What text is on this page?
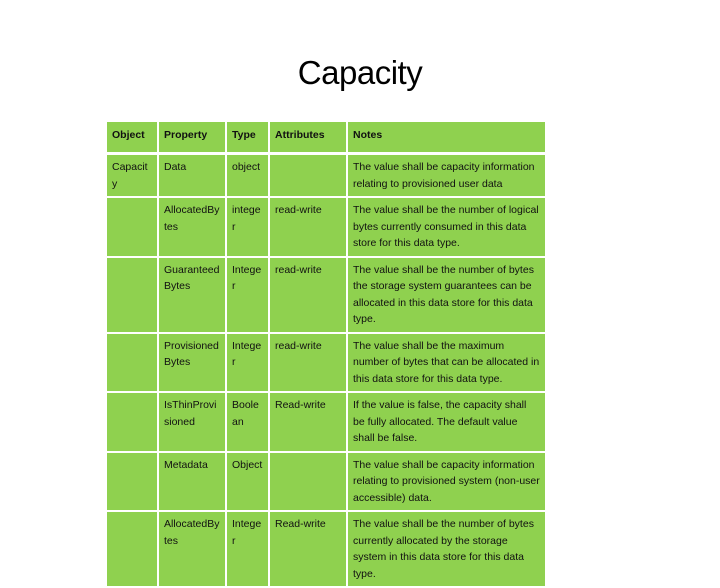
Capacity
Object	Property	Type	Attributes	Notes
Capacity	Data	object		The value shall be capacity information relating to provisioned user data
	AllocatedBytes	integer	read-write	The value shall be the number of logical bytes currently consumed in this data store for this data type.
	GuaranteedBytes	Integer	read-write	The value shall be the number of bytes the storage system guarantees can be allocated in this data store for this data type.
	ProvisionedBytes	Integer	read-write	The value shall be the maximum number of bytes that can be allocated in this data store for this data type.
	IsThinProvisioned	Boolean	Read-write	If the value is false, the capacity shall be fully allocated. The default value shall be false.
	Metadata	Object		The value shall be capacity information relating to provisioned system (non-user accessible) data.
	AllocatedBytes	Integer	Read-write	The value shall be the number of bytes currently allocated by the storage system in this data store for this data type.
